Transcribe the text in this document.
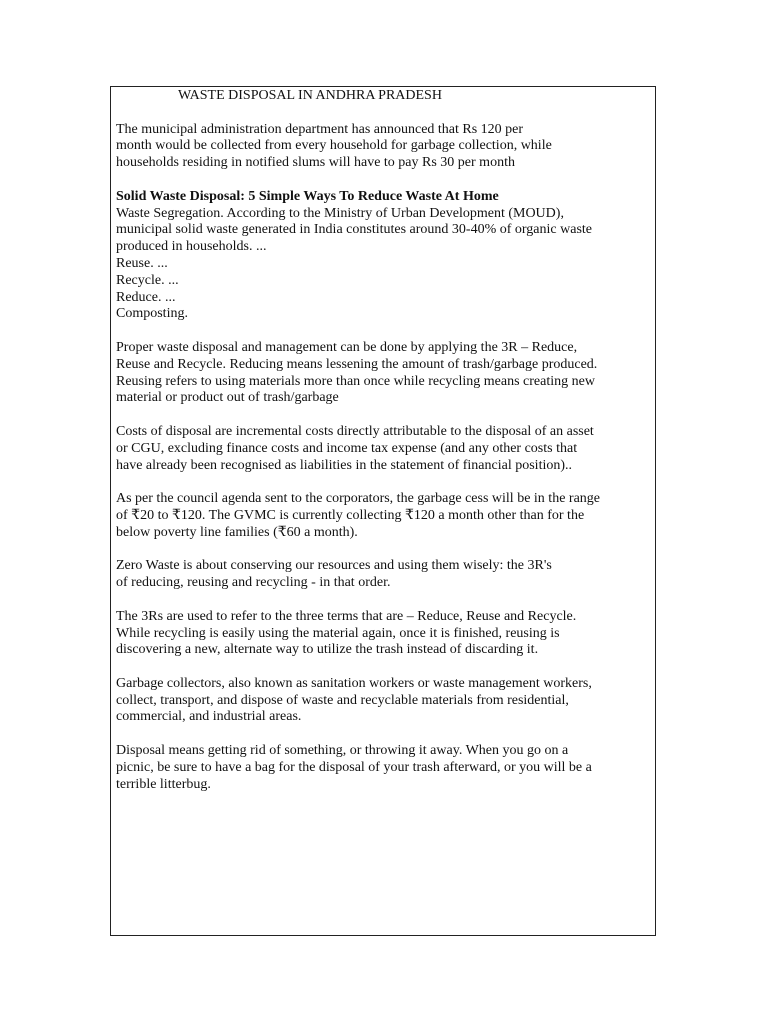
WASTE DISPOSAL IN ANDHRA PRADESH
The municipal administration department has announced that Rs 120 per
month would be collected from every household for garbage collection, while
households residing in notified slums will have to pay Rs 30 per month
Solid Waste Disposal: 5 Simple Ways To Reduce Waste At Home
Waste Segregation. According to the Ministry of Urban Development (MOUD),
municipal solid waste generated in India constitutes around 30-40% of organic waste
produced in households. ...
Reuse. ...
Recycle. ...
Reduce. ...
Composting.
Proper waste disposal and management can be done by applying the 3R – Reduce,
Reuse and Recycle. Reducing means lessening the amount of trash/garbage produced.
Reusing refers to using materials more than once while recycling means creating new
material or product out of trash/garbage
Costs of disposal are incremental costs directly attributable to the disposal of an asset
or CGU, excluding finance costs and income tax expense (and any other costs that
have already been recognised as liabilities in the statement of financial position)..
As per the council agenda sent to the corporators, the garbage cess will be in the range
of ₹20 to ₹120. The GVMC is currently collecting ₹120 a month other than for the
below poverty line families (₹60 a month).
Zero Waste is about conserving our resources and using them wisely: the 3R's
of reducing, reusing and recycling - in that order.
The 3Rs are used to refer to the three terms that are – Reduce, Reuse and Recycle.
While recycling is easily using the material again, once it is finished, reusing is
discovering a new, alternate way to utilize the trash instead of discarding it.
Garbage collectors, also known as sanitation workers or waste management workers,
collect, transport, and dispose of waste and recyclable materials from residential,
commercial, and industrial areas.
Disposal means getting rid of something, or throwing it away. When you go on a
picnic, be sure to have a bag for the disposal of your trash afterward, or you will be a
terrible litterbug.
